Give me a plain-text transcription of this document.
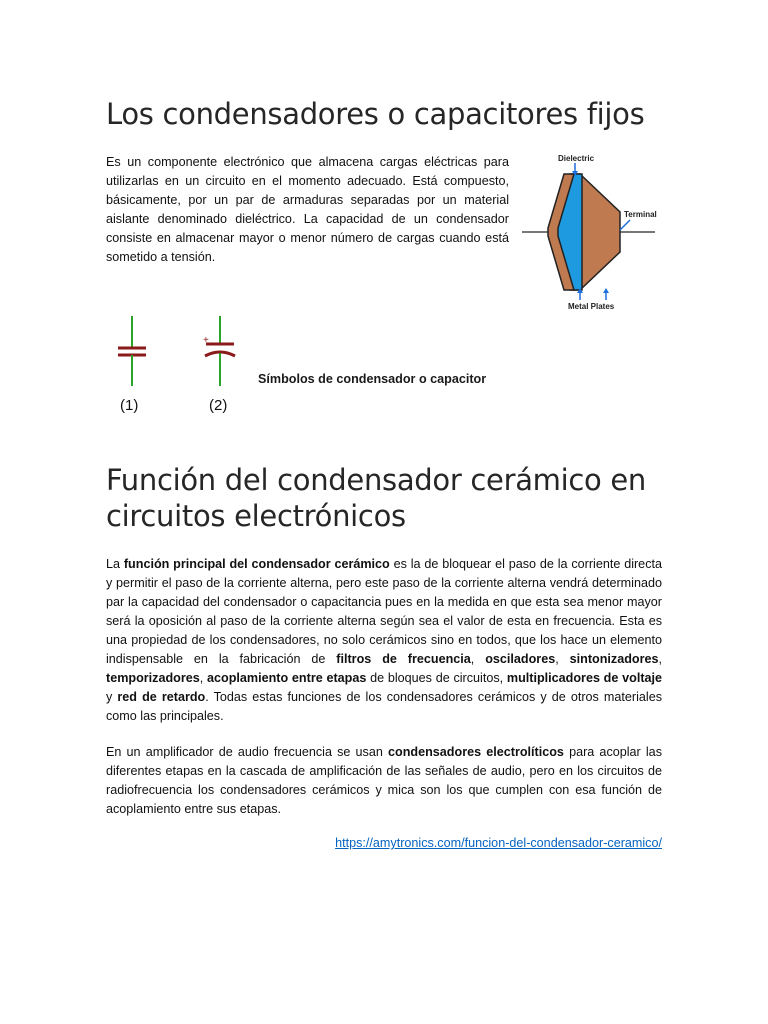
Los condensadores o capacitores fijos

Es un componente electrónico que almacena cargas eléctricas para utilizarlas en un circuito en el momento adecuado. Está compuesto, básicamente, por un par de armaduras separadas por un material aislante denominado dieléctrico. La capacidad de un condensador consiste en almacenar mayor o menor número de cargas cuando está sometido a tensión.

Dielectric
Terminal
Metal Plates
+
(1)	(2)

Símbolos de condensador o capacitor

Función del condensador cerámico en circuitos electrónicos

La función principal del condensador cerámico es la de bloquear el paso de la corriente directa y permitir el paso de la corriente alterna, pero este paso de la corriente alterna vendrá determinado par la capacidad del condensador o capacitancia pues en la medida en que esta sea menor mayor será la oposición al paso de la corriente alterna según sea el valor de esta en frecuencia. Esta es una propiedad de los condensadores, no solo cerámicos sino en todos, que los hace un elemento indispensable en la fabricación de filtros de frecuencia, osciladores, sintonizadores, temporizadores, acoplamiento entre etapas de bloques de circuitos, multiplicadores de voltaje y red de retardo. Todas estas funciones de los condensadores cerámicos y de otros materiales como las principales.

En un amplificador de audio frecuencia se usan condensadores electrolíticos para acoplar las diferentes etapas en la cascada de amplificación de las señales de audio, pero en los circuitos de radiofrecuencia los condensadores cerámicos y mica son los que cumplen con esa función de acoplamiento entre sus etapas.

https://amytronics.com/funcion-del-condensador-ceramico/
